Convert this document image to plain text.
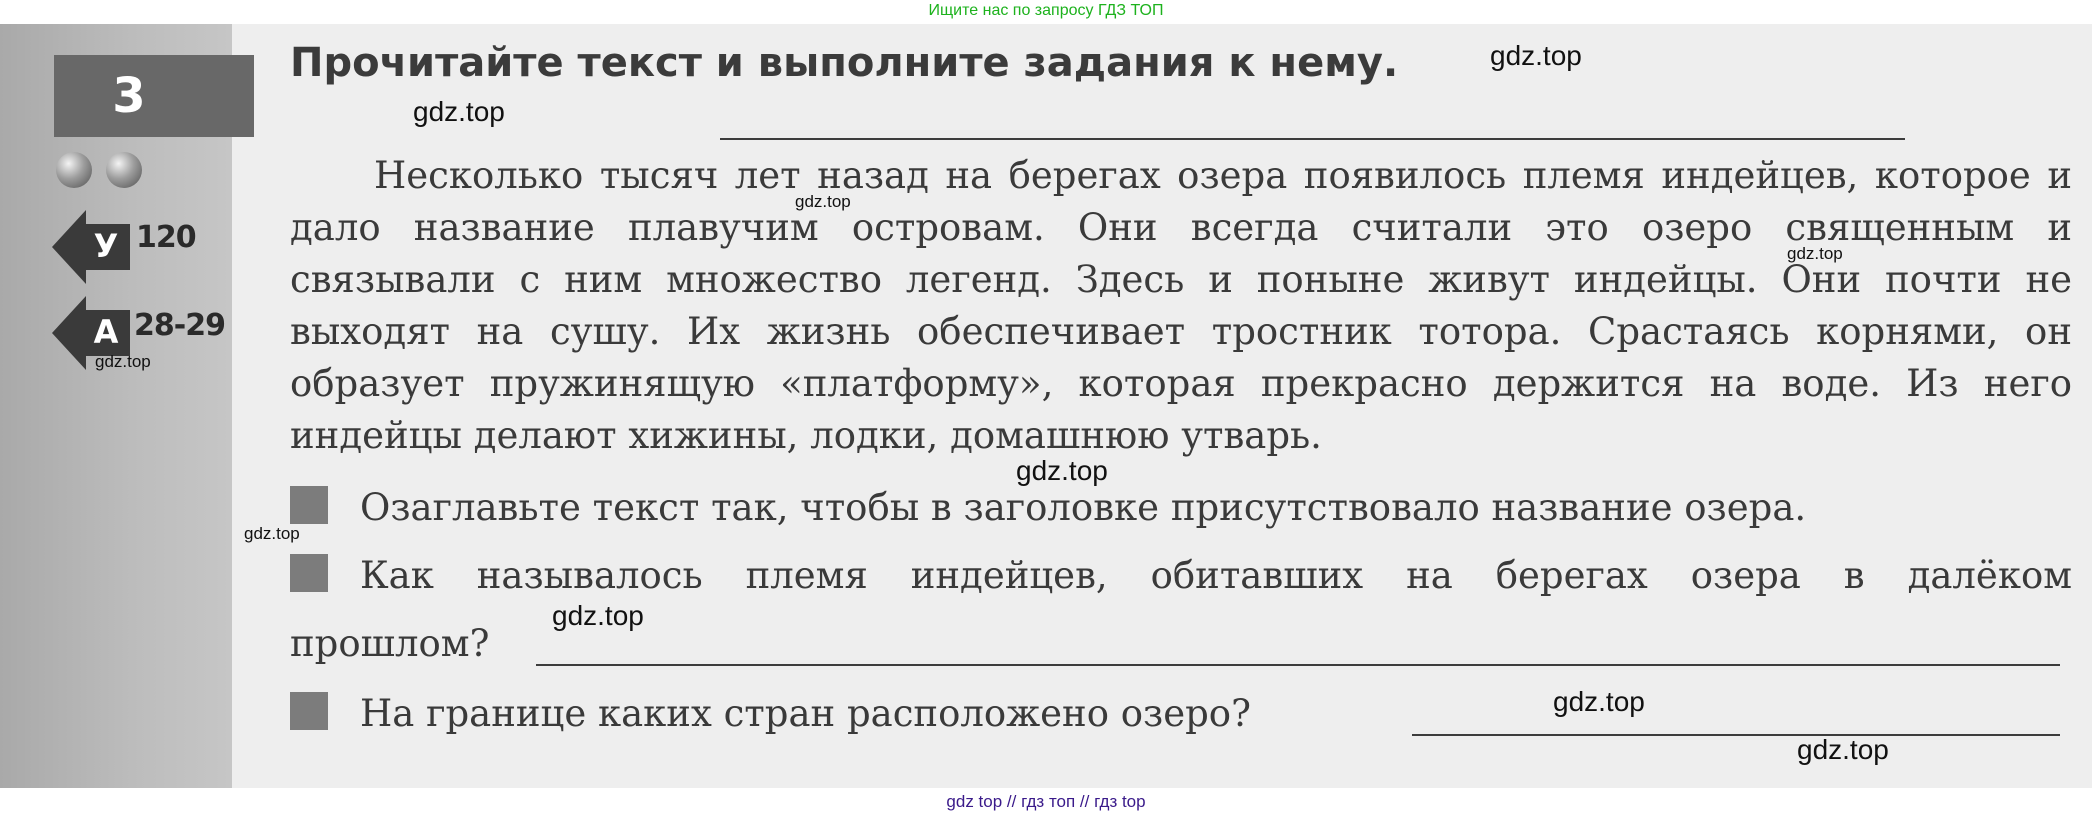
Ищите нас по запросу ГДЗ ТОП
3
У 120
А 28-29
Прочитайте текст и выполните задания к нему.

Несколько тысяч лет назад на берегах озера появилось племя индейцев, которое и дало название плавучим островам. Они всегда считали это озеро священным и связывали с ним множество легенд. Здесь и поныне живут индейцы. Они почти не выходят на сушу. Их жизнь обеспечивает тростник тотора. Срастаясь корнями, он образует пружинящую «платформу», которая прекрасно держится на воде. Из него индейцы делают хижины, лодки, домашнюю утварь.

Озаглавьте текст так, чтобы в заголовке присутствовало название озера.

Как называлось племя индейцев, обитавших на берегах озера в далёком
прошлом?

На границе каких стран расположено озеро?

gdz.top
gdz.top
gdz.top
gdz.top
gdz.top
gdz.top
gdz.top
gdz.top
gdz.top
gdz.top
gdz top // гдз топ // гдз top
